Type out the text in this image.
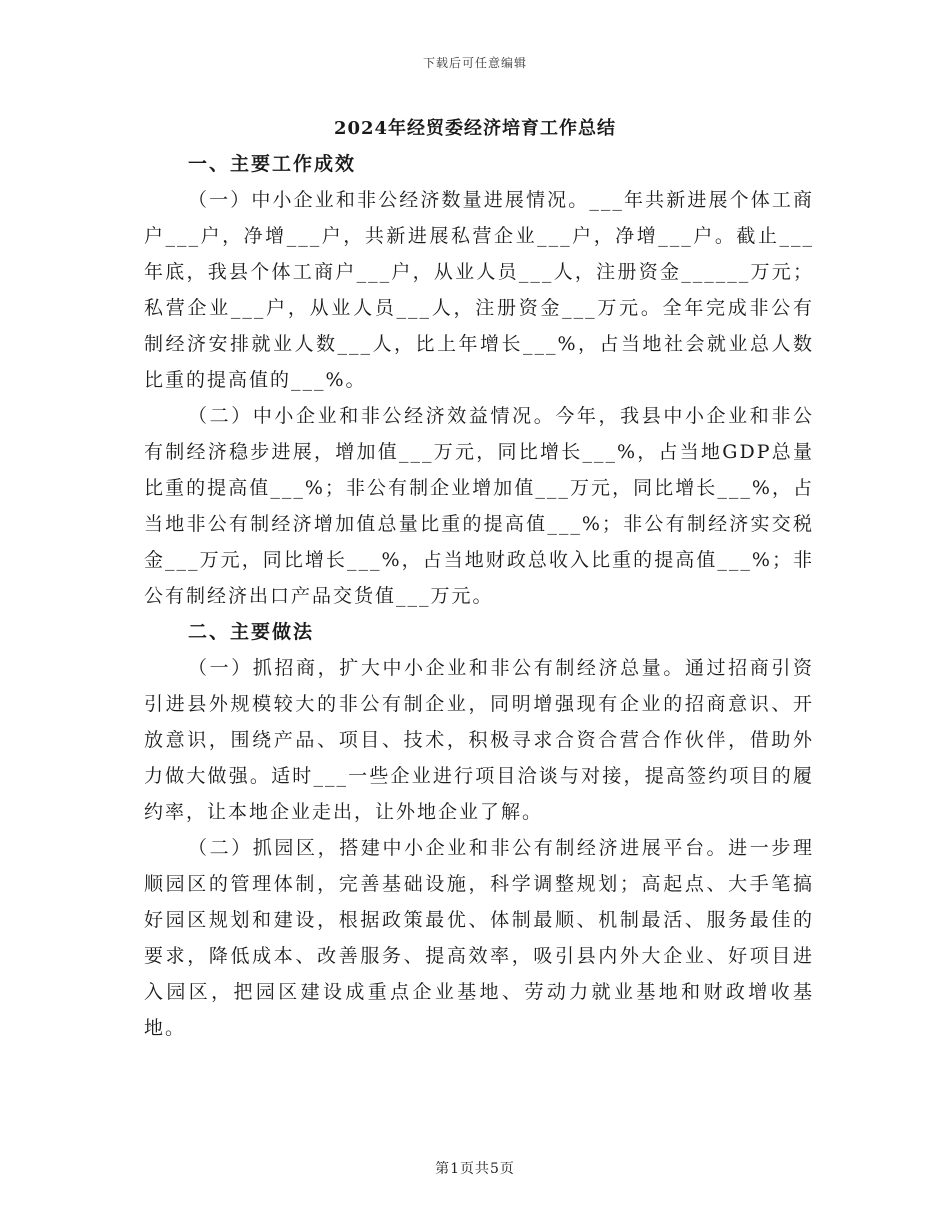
下载后可任意编辑
2024年经贸委经济培育工作总结
一、主要工作成效

（一）中小企业和非公经济数量进展情况。___年共新进展个体工商户___户，净增___户，共新进展私营企业___户，净增___户。截止___年底，我县个体工商户___户，从业人员___人，注册资金______万元；私营企业___户，从业人员___人，注册资金___万元。全年完成非公有制经济安排就业人数___人，比上年增长___%，占当地社会就业总人数比重的提高值的___%。

（二）中小企业和非公经济效益情况。今年，我县中小企业和非公有制经济稳步进展，增加值___万元，同比增长___%，占当地GDP总量比重的提高值___%；非公有制企业增加值___万元，同比增长___%，占当地非公有制经济增加值总量比重的提高值___%；非公有制经济实交税金___万元，同比增长___%，占当地财政总收入比重的提高值___%；非公有制经济出口产品交货值___万元。

二、主要做法

（一）抓招商，扩大中小企业和非公有制经济总量。通过招商引资引进县外规模较大的非公有制企业，同明增强现有企业的招商意识、开放意识，围绕产品、项目、技术，积极寻求合资合营合作伙伴，借助外力做大做强。适时___一些企业进行项目洽谈与对接，提高签约项目的履约率，让本地企业走出，让外地企业了解。

（二）抓园区，搭建中小企业和非公有制经济进展平台。进一步理顺园区的管理体制，完善基础设施，科学调整规划；高起点、大手笔搞好园区规划和建设，根据政策最优、体制最顺、机制最活、服务最佳的要求，降低成本、改善服务、提高效率，吸引县内外大企业、好项目进入园区，把园区建设成重点企业基地、劳动力就业基地和财政增收基地。

第1页共5页
